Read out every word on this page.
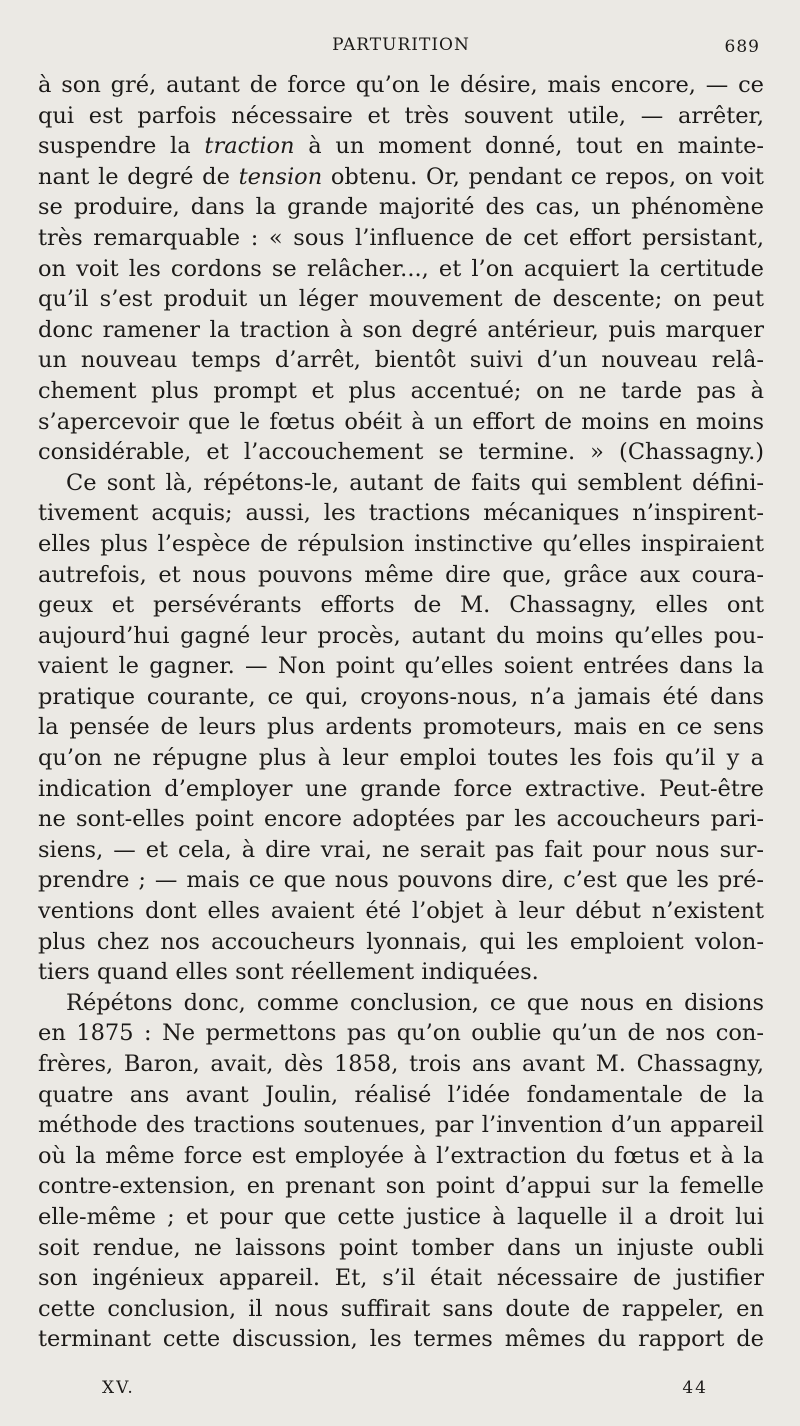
PARTURITION	689
à son gré, autant de force qu’on le désire, mais encore, — ce
qui est parfois nécessaire et très souvent utile, — arrêter,
suspendre la traction à un moment donné, tout en mainte-
nant le degré de tension obtenu. Or, pendant ce repos, on voit
se produire, dans la grande majorité des cas, un phénomène
très remarquable : « sous l’influence de cet effort persistant,
on voit les cordons se relâcher..., et l’on acquiert la certitude
qu’il s’est produit un léger mouvement de descente; on peut
donc ramener la traction à son degré antérieur, puis marquer
un nouveau temps d’arrêt, bientôt suivi d’un nouveau relâ-
chement plus prompt et plus accentué; on ne tarde pas à
s’apercevoir que le fœtus obéit à un effort de moins en moins
considérable, et l’accouchement se termine. » (Chassagny.)
Ce sont là, répétons-le, autant de faits qui semblent défini-
tivement acquis; aussi, les tractions mécaniques n’inspirent-
elles plus l’espèce de répulsion instinctive qu’elles inspiraient
autrefois, et nous pouvons même dire que, grâce aux coura-
geux et persévérants efforts de M. Chassagny, elles ont
aujourd’hui gagné leur procès, autant du moins qu’elles pou-
vaient le gagner. — Non point qu’elles soient entrées dans la
pratique courante, ce qui, croyons-nous, n’a jamais été dans
la pensée de leurs plus ardents promoteurs, mais en ce sens
qu’on ne répugne plus à leur emploi toutes les fois qu’il y a
indication d’employer une grande force extractive. Peut-être
ne sont-elles point encore adoptées par les accoucheurs pari-
siens, — et cela, à dire vrai, ne serait pas fait pour nous sur-
prendre ; — mais ce que nous pouvons dire, c’est que les pré-
ventions dont elles avaient été l’objet à leur début n’existent
plus chez nos accoucheurs lyonnais, qui les emploient volon-
tiers quand elles sont réellement indiquées.
Répétons donc, comme conclusion, ce que nous en disions
en 1875 : Ne permettons pas qu’on oublie qu’un de nos con-
frères, Baron, avait, dès 1858, trois ans avant M. Chassagny,
quatre ans avant Joulin, réalisé l’idée fondamentale de la
méthode des tractions soutenues, par l’invention d’un appareil
où la même force est employée à l’extraction du fœtus et à la
contre-extension, en prenant son point d’appui sur la femelle
elle-même ; et pour que cette justice à laquelle il a droit lui
soit rendue, ne laissons point tomber dans un injuste oubli
son ingénieux appareil. Et, s’il était nécessaire de justifier
cette conclusion, il nous suffirait sans doute de rappeler, en
terminant cette discussion, les termes mêmes du rapport de
XV.	44
